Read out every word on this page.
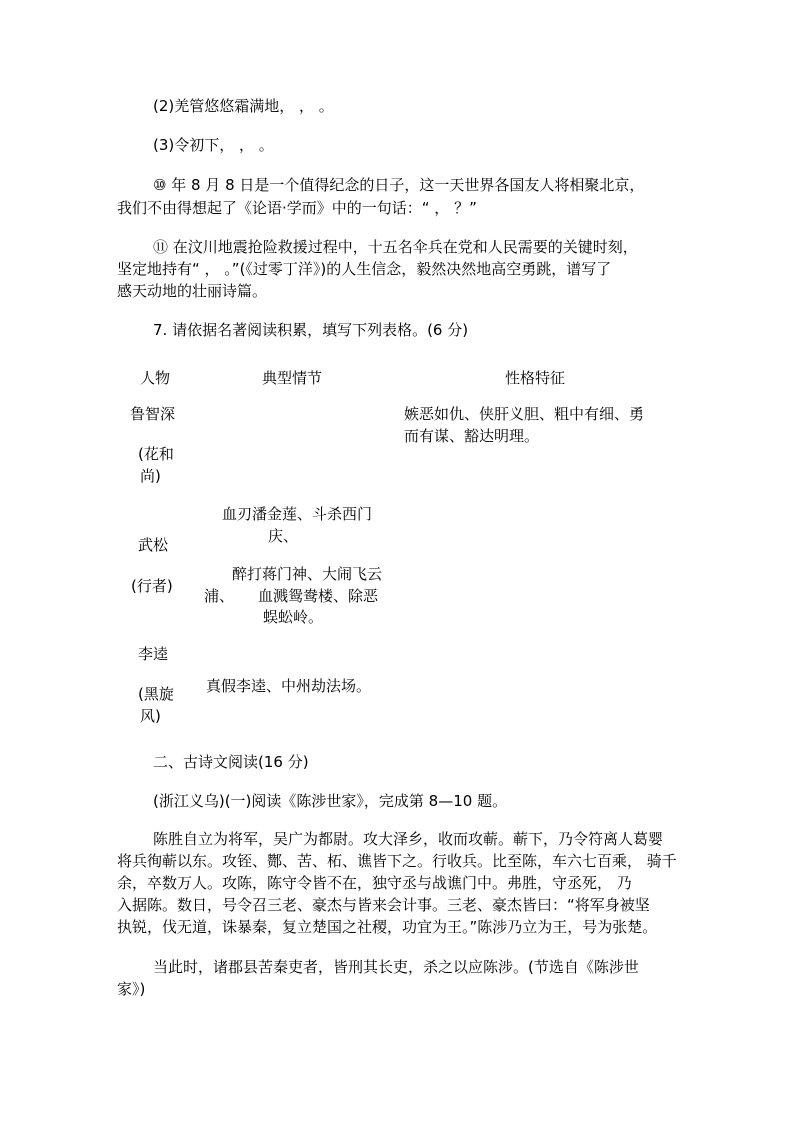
(2)羌管悠悠霜满地， ， 。
(3)令初下， ， 。
⑩ 年 8 月 8 日是一个值得纪念的日子，这一天世界各国友人将相聚北京，
我们不由得想起了《论语·学而》中的一句话：“ ， ？”
⑪ 在汶川地震抢险救援过程中，十五名伞兵在党和人民需要的关键时刻，
坚定地持有“ ， 。”(《过零丁洋》)的人生信念，毅然决然地高空勇跳，谱写了
感天动地的壮丽诗篇。
7. 请依据名著阅读积累，填写下列表格。(6 分)
人物	典型情节	性格特征
鲁智深
(花和
尚)
嫉恶如仇、侠肝义胆、粗中有细、勇
而有谋、豁达明理。
血刃潘金莲、斗杀西门
庆、
武松
醉打蒋门神、大闹飞云
(行者)
浦、 血溅鸳鸯楼、除恶
蜈蚣岭。
李逵
真假李逵、中州劫法场。
(黑旋
风)
二、古诗文阅读(16 分)
(浙江义乌)(一)阅读《陈涉世家》，完成第 8—10 题。
陈胜自立为将军，吴广为都尉。攻大泽乡，收而攻蕲。蕲下，乃令符离人葛婴
将兵徇蕲以东。攻铚、酂、苦、柘、谯皆下之。行收兵。比至陈，车六七百乘， 骑千
余，卒数万人。攻陈，陈守令皆不在，独守丞与战谯门中。弗胜，守丞死， 乃
入据陈。数日，号令召三老、豪杰与皆来会计事。三老、豪杰皆曰：“将军身被坚
执锐，伐无道，诛暴秦，复立楚国之社稷，功宜为王。”陈涉乃立为王，号为张楚。
当此时，诸郡县苦秦吏者，皆刑其长吏，杀之以应陈涉。(节选自《陈涉世
家》)
